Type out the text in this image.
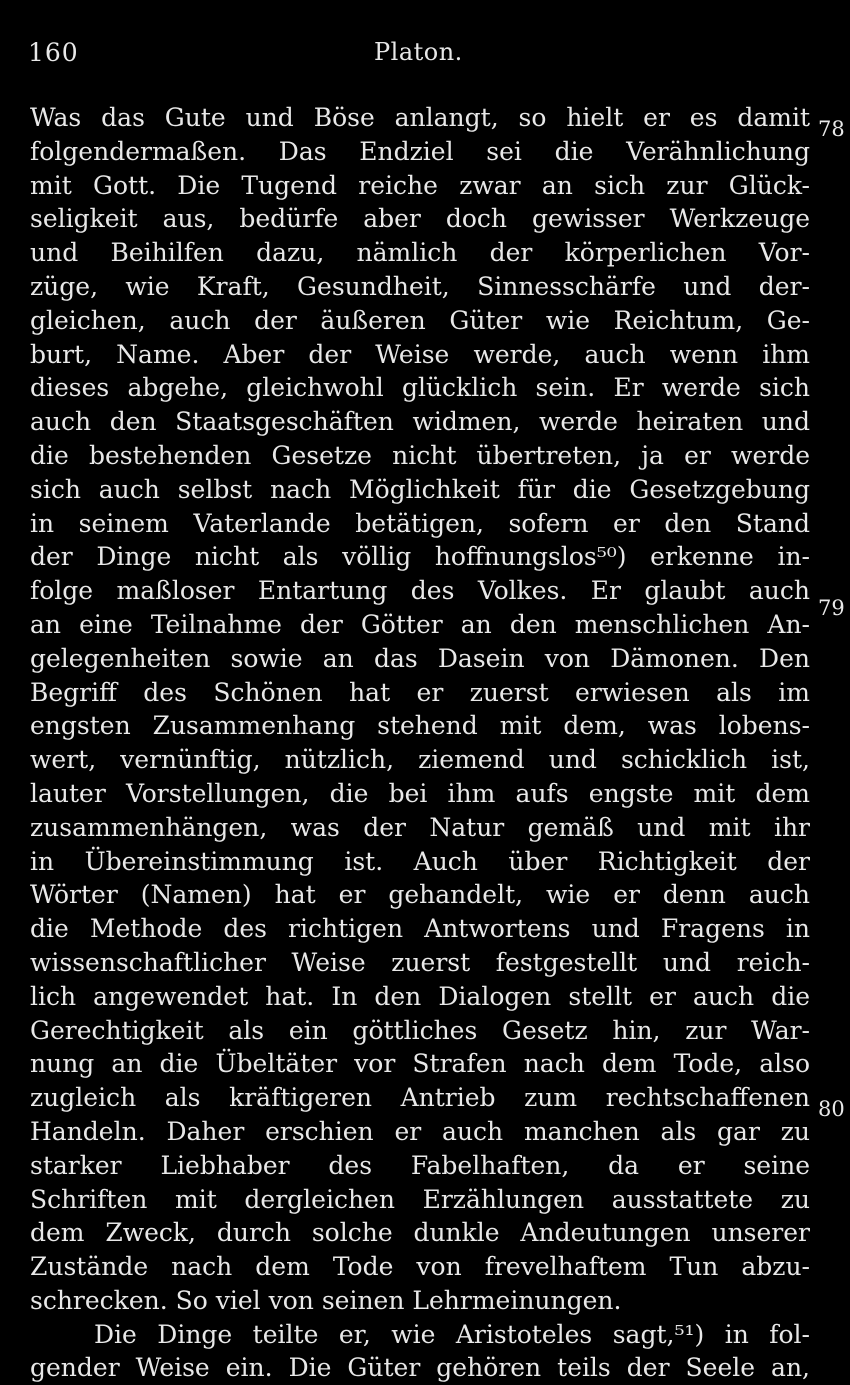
160	Platon.
Was das Gute und Böse anlangt, so hielt er es damit
folgendermaßen. Das Endziel sei die Verähnlichung
mit Gott. Die Tugend reiche zwar an sich zur Glück-
seligkeit aus, bedürfe aber doch gewisser Werkzeuge
und Beihilfen dazu, nämlich der körperlichen Vor-
züge, wie Kraft, Gesundheit, Sinnesschärfe und der-
gleichen, auch der äußeren Güter wie Reichtum, Ge-
burt, Name. Aber der Weise werde, auch wenn ihm
dieses abgehe, gleichwohl glücklich sein. Er werde sich
auch den Staatsgeschäften widmen, werde heiraten und
die bestehenden Gesetze nicht übertreten, ja er werde
sich auch selbst nach Möglichkeit für die Gesetzgebung
in seinem Vaterlande betätigen, sofern er den Stand
der Dinge nicht als völlig hoffnungslos⁵⁰) erkenne in-
folge maßloser Entartung des Volkes. Er glaubt auch
an eine Teilnahme der Götter an den menschlichen An-
gelegenheiten sowie an das Dasein von Dämonen. Den
Begriff des Schönen hat er zuerst erwiesen als im
engsten Zusammenhang stehend mit dem, was lobens-
wert, vernünftig, nützlich, ziemend und schicklich ist,
lauter Vorstellungen, die bei ihm aufs engste mit dem
zusammenhängen, was der Natur gemäß und mit ihr
in Übereinstimmung ist. Auch über Richtigkeit der
Wörter (Namen) hat er gehandelt, wie er denn auch
die Methode des richtigen Antwortens und Fragens in
wissenschaftlicher Weise zuerst festgestellt und reich-
lich angewendet hat. In den Dialogen stellt er auch die
Gerechtigkeit als ein göttliches Gesetz hin, zur War-
nung an die Übeltäter vor Strafen nach dem Tode, also
zugleich als kräftigeren Antrieb zum rechtschaffenen
Handeln. Daher erschien er auch manchen als gar zu
starker Liebhaber des Fabelhaften, da er seine
Schriften mit dergleichen Erzählungen ausstattete zu
dem Zweck, durch solche dunkle Andeutungen unserer
Zustände nach dem Tode von frevelhaftem Tun abzu-
schrecken. So viel von seinen Lehrmeinungen.
Die Dinge teilte er, wie Aristoteles sagt,⁵¹) in fol-
gender Weise ein. Die Güter gehören teils der Seele an,
78
79
80
